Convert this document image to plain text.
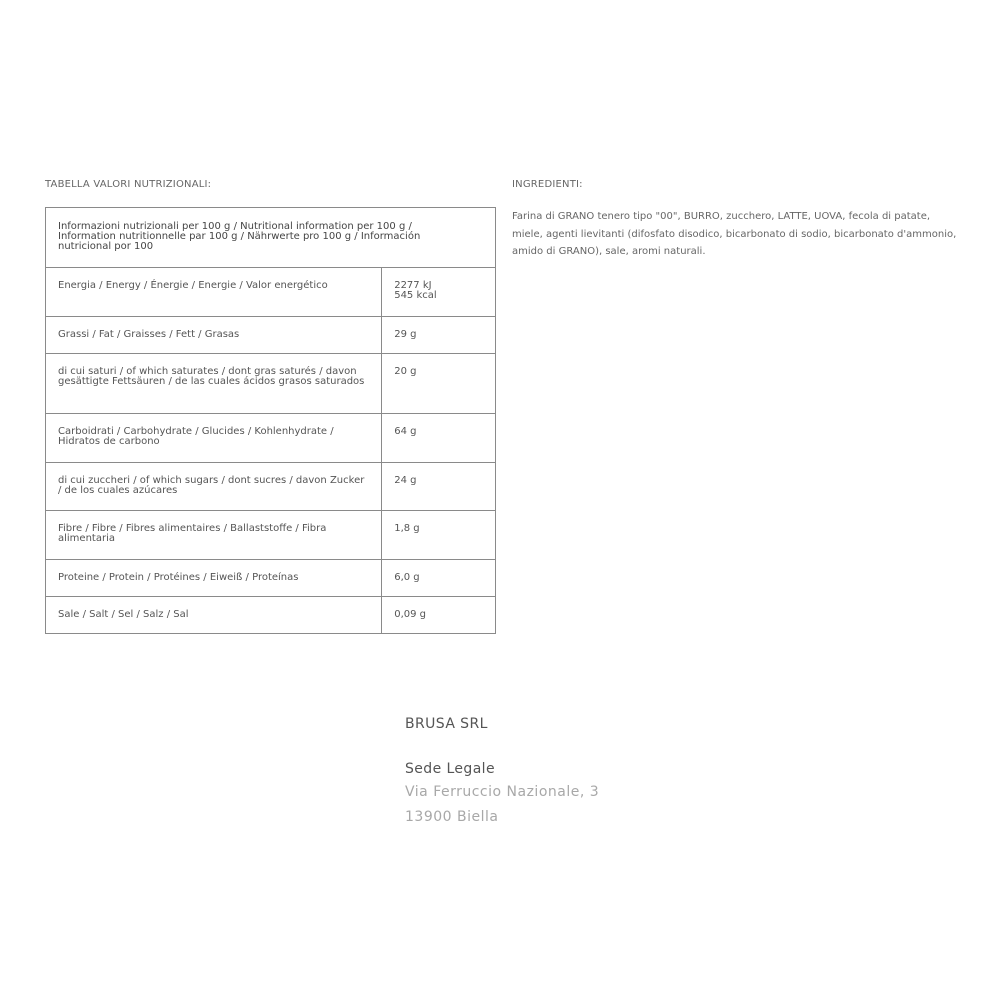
TABELLA VALORI NUTRIZIONALI:
Informazioni nutrizionali per 100 g / Nutritional information per 100 g / Information nutritionnelle par 100 g / Nährwerte pro 100 g / Información nutricional por 100	
Energia / Energy / Énergie / Energie / Valor energético	2277 kJ
545 kcal
Grassi / Fat / Graisses / Fett / Grasas	29 g
di cui saturi / of which saturates / dont gras saturés / davon gesättigte Fettsäuren / de las cuales ácidos grasos saturados	20 g
Carboidrati / Carbohydrate / Glucides / Kohlenhydrate / Hidratos de carbono	64 g
di cui zuccheri / of which sugars / dont sucres / davon Zucker / de los cuales azúcares	24 g
Fibre / Fibre / Fibres alimentaires / Ballaststoffe / Fibra alimentaria	1,8 g
Proteine / Protein / Protéines / Eiweiß / Proteínas	6,0 g
Sale / Salt / Sel / Salz / Sal	0,09 g
INGREDIENTI:
Farina di GRANO tenero tipo "00", BURRO, zucchero, LATTE, UOVA, fecola di patate, miele, agenti lievitanti (difosfato disodico, bicarbonato di sodio, bicarbonato d'ammonio, amido di GRANO), sale, aromi naturali.

BRUSA SRL

Sede Legale

Via Ferruccio Nazionale, 3

13900 Biella
